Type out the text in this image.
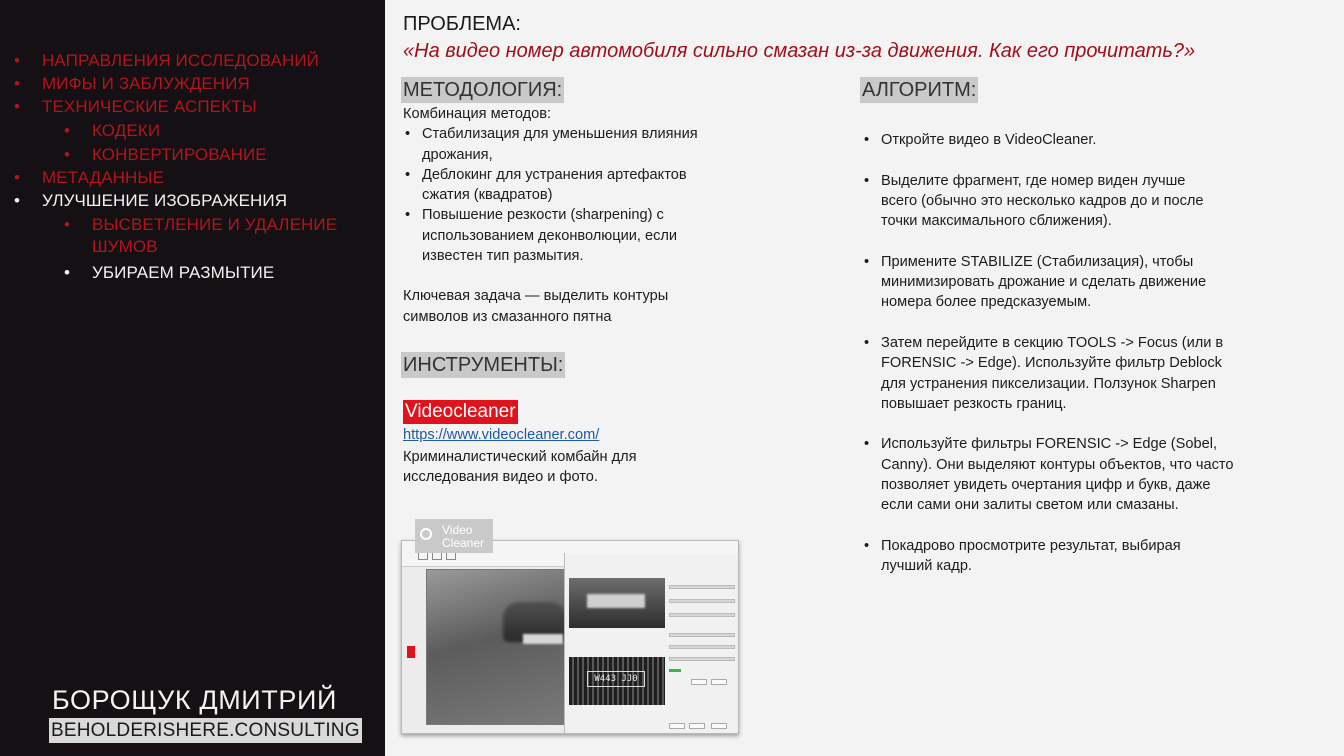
• НАПРАВЛЕНИЯ ИССЛЕДОВАНИЙ
• МИФЫ И ЗАБЛУЖДЕНИЯ
• ТЕХНИЧЕСКИЕ АСПЕКТЫ
• КОДЕКИ
• КОНВЕРТИРОВАНИЕ
• МЕТАДАННЫЕ
• УЛУЧШЕНИЕ ИЗОБРАЖЕНИЯ
• ВЫСВЕТЛЕНИЕ И УДАЛЕНИЕ
ШУМОВ
• УБИРАЕМ РАЗМЫТИЕ
БОРОЩУК ДМИТРИЙ
BEHOLDERISHERE.CONSULTING
ПРОБЛЕМА:
«На видео номер автомобиля сильно смазан из-за движения. Как его прочитать?»
МЕТОДОЛОГИЯ:
Комбинация методов:
• Стабилизация для уменьшения влияния дрожания,
• Деблокинг для устранения артефактов сжатия (квадратов)
• Повышение резкости (sharpening) с использованием деконволюции, если известен тип размытия.
Ключевая задача — выделить контуры символов из смазанного пятна
ИНСТРУМЕНТЫ:
Videocleaner
https://www.videocleaner.com/
Криминалистический комбайн для исследования видео и фото.
W443 JJ0
Video
Cleaner
АЛГОРИТМ:
• Откройте видео в VideoCleaner.
• Выделите фрагмент, где номер виден лучше всего (обычно это несколько кадров до и после точки максимального сближения).
• Примените STABILIZE (Стабилизация), чтобы минимизировать дрожание и сделать движение номера более предсказуемым.
• Затем перейдите в секцию TOOLS -> Focus (или в FORENSIC -> Edge). Используйте фильтр Deblock для устранения пикселизации. Ползунок Sharpen повышает резкость границ.
• Используйте фильтры FORENSIC -> Edge (Sobel, Canny). Они выделяют контуры объектов, что часто позволяет увидеть очертания цифр и букв, даже если сами они залиты светом или смазаны.
• Покадрово просмотрите результат, выбирая лучший кадр.
